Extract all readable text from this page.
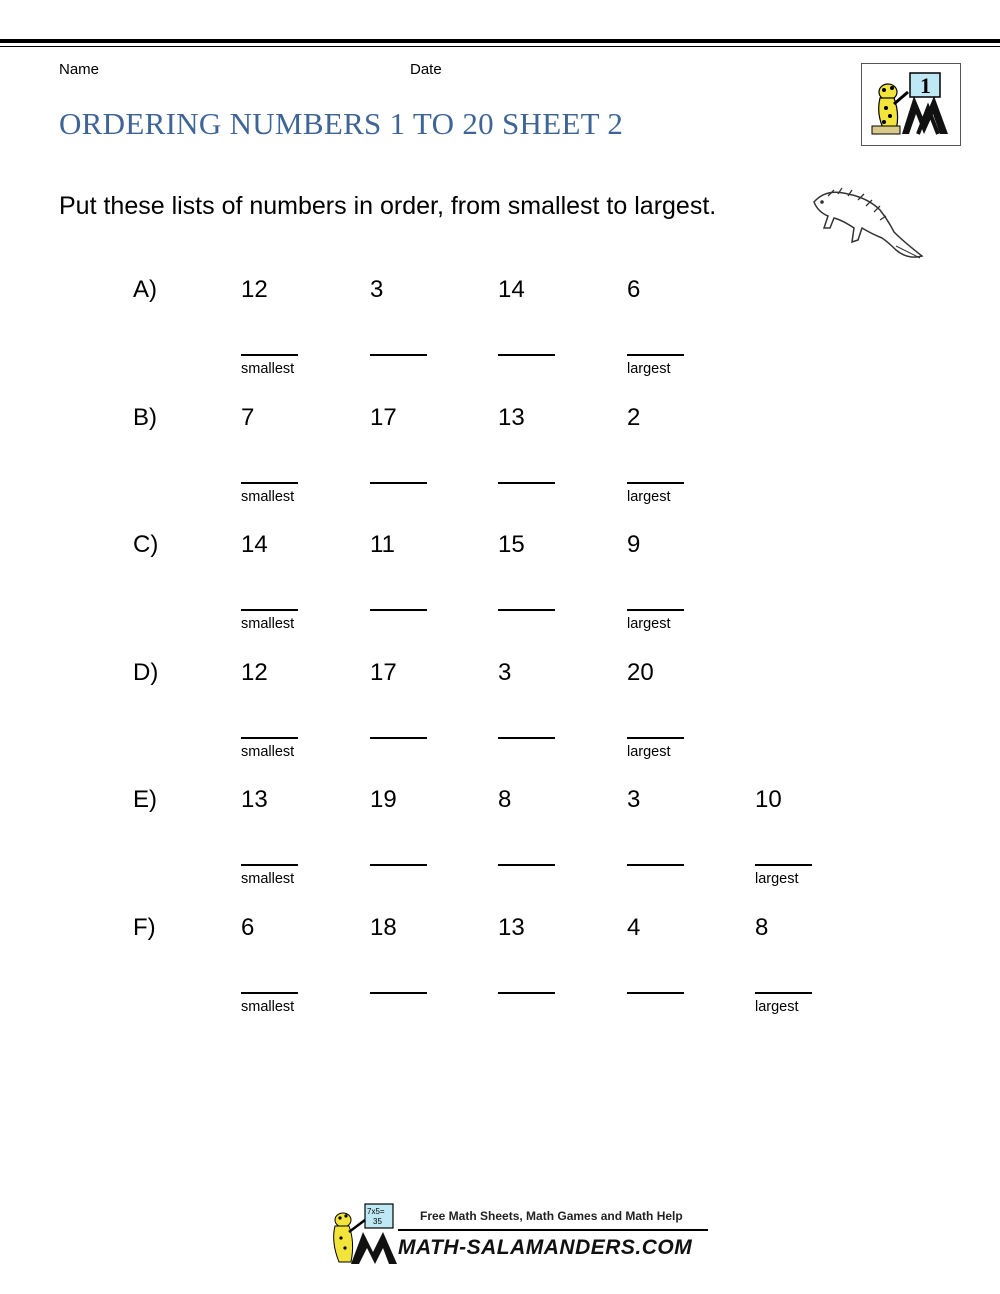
Name	Date
ORDERING NUMBERS 1 TO 20 SHEET 2
1
Put these lists of numbers in order, from smallest to largest.
A)	12	3	14	6
smallest	largest
B)	7	17	13	2
smallest	largest
C)	14	11	15	9
smallest	largest
D)	12	17	3	20
smallest	largest
E)	13	19	8	3	10
smallest	largest
F)	6	18	13	4	8
smallest	largest
7x5=
35	Free Math Sheets, Math Games and Math Help
MATH-SALAMANDERS.COM
